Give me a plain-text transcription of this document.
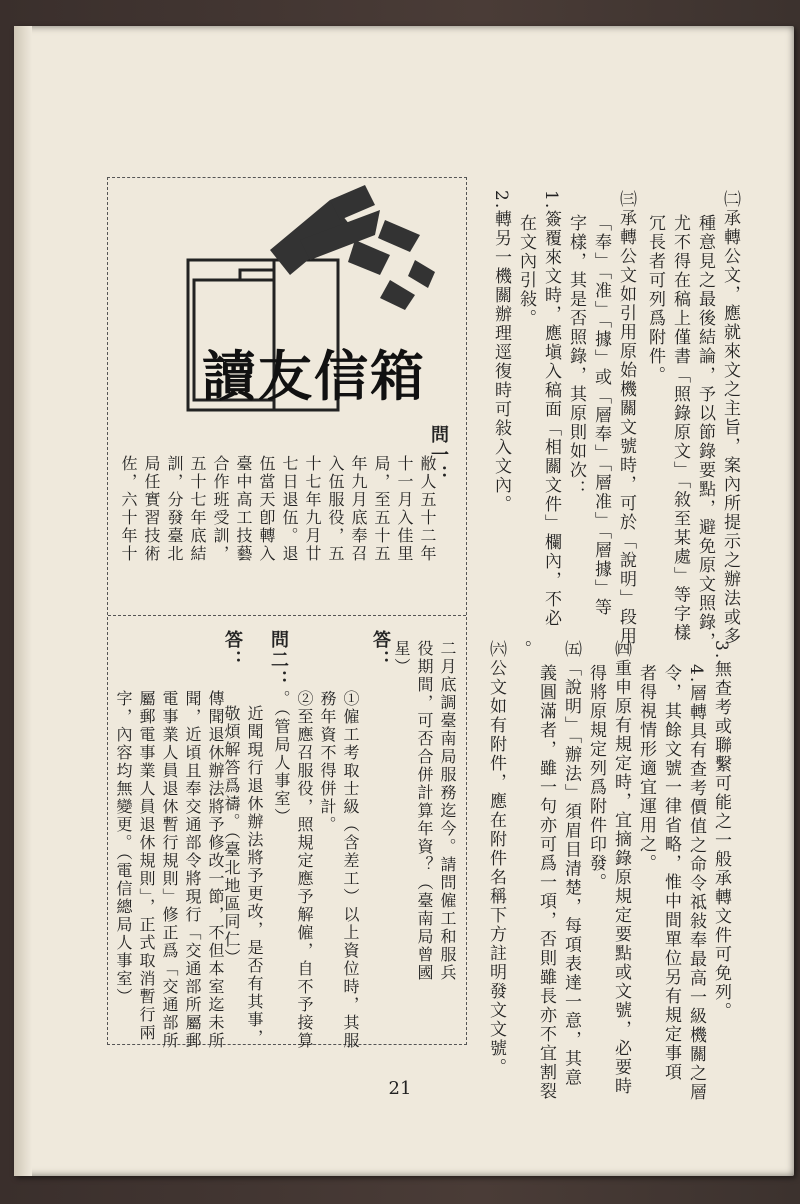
㈡承轉公文，應就來文之主旨，案內所提示之辦法或多
種意見之最後結論，予以節錄要點，避免原文照錄，
尤不得在稿上僅書「照錄原文」「敘至某處」等字樣
冗長者可列爲附件。
㈢承轉公文如引用原始機關文號時，可於「說明」段用
「奉」「准」「據」或「層奉」「層准」「層據」等
字樣，其是否照錄，其原則如次：
1.簽覆來文時，應塡入稿面「相關文件」欄內，不必
在文內引敍。
2.轉另一機關辦理逕復時可敍入文內。
3.無查考或聯繫可能之一般承轉文件可免列。
4.層轉具有查考價值之命令祗敍奉最高一級機關之層
令，其餘文號一律省略，惟中間單位另有規定事項
者得視情形適宜運用之。
㈣重申原有規定時，宜摘錄原規定要點或文號，必要時
得將原規定列爲附件印發。
㈤「說明」「辦法」須眉目清楚，每項表達一意，其意
義圓滿者，雖一句亦可爲一項，否則雖長亦不宜割裂
。
㈥公文如有附件，應在附件名稱下方註明發文文號。
讀友信箱
問一：
敝人五十二年
十一月入佳里
局，至五十五
年九月底奉召
入伍服役，五
十七年九月廿
七日退伍。退
伍當天卽轉入
臺中高工技藝
合作班受訓，
五十七年底結
訓，分發臺北
局任實習技術
佐，六十年十
二月底調臺南局服務迄今。請問僱工和服兵
役期間，可否合併計算年資？（臺南局曾國
星）
答：
①僱工考取士級（含差工）以上資位時，其服
務年資不得併計。
②至應召服役，照規定應予解僱，自不予接算
。（管局人事室）
問二：
近聞現行退休辦法將予更改，是否有其事，
敬煩解答爲禱。（臺北地區同仁）
答：
傳聞退休辦法將予修改一節，不但本室迄未所
聞，近頃且奉交通部令將現行「交通部所屬郵
電事業人員退休暫行規則」修正爲「交通部所
屬郵電事業人員退休規則」，正式取消暫行兩
字，內容均無變更。（電信總局人事室）
21
